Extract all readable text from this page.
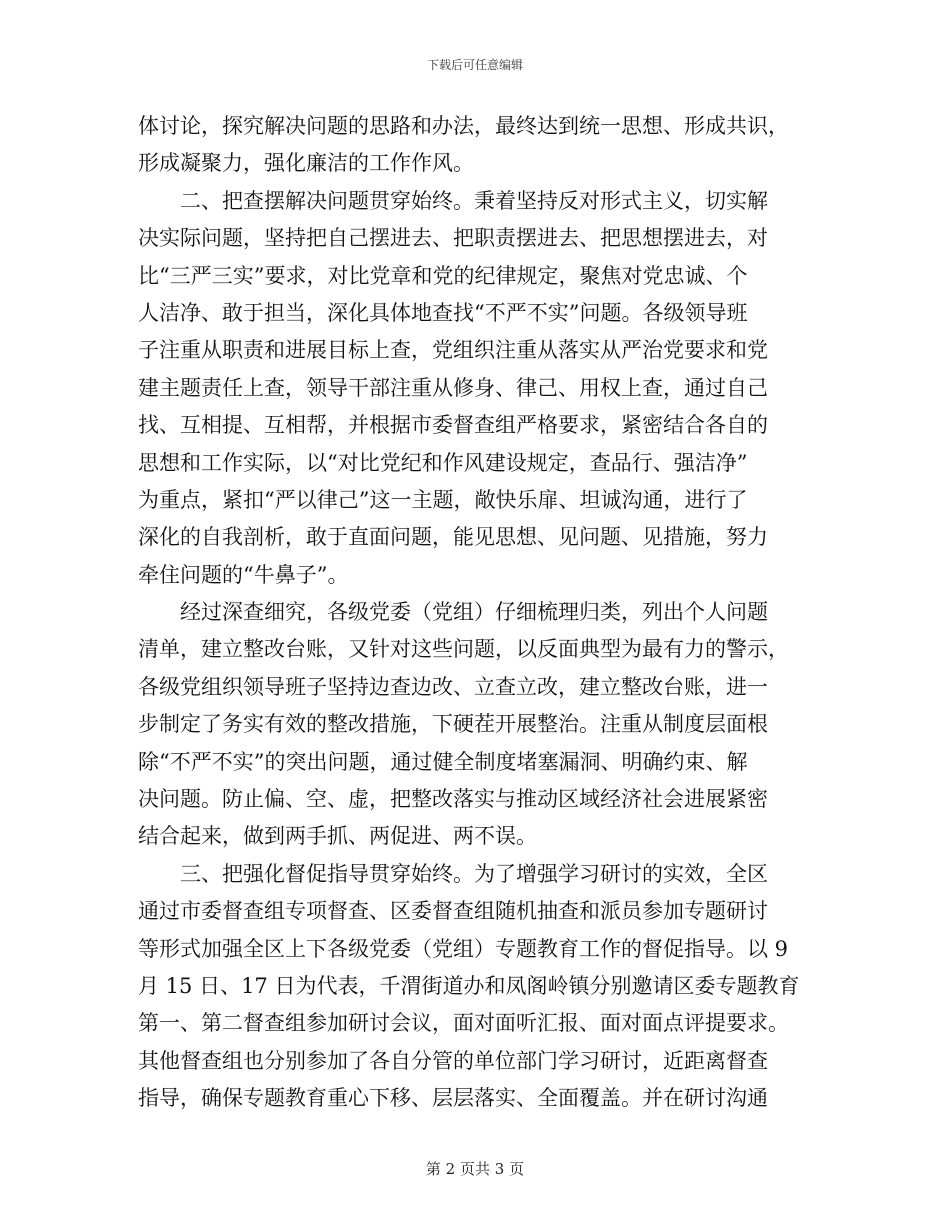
下载后可任意编辑
体讨论，探究解决问题的思路和办法，最终达到统一思想、形成共识，
形成凝聚力，强化廉洁的工作作风。
二、把查摆解决问题贯穿始终。秉着坚持反对形式主义，切实解
决实际问题，坚持把自己摆进去、把职责摆进去、把思想摆进去，对
比“三严三实”要求，对比党章和党的纪律规定，聚焦对党忠诚、个
人洁净、敢于担当，深化具体地查找“不严不实”问题。各级领导班
子注重从职责和进展目标上查，党组织注重从落实从严治党要求和党
建主题责任上查，领导干部注重从修身、律己、用权上查，通过自己
找、互相提、互相帮，并根据市委督查组严格要求，紧密结合各自的
思想和工作实际，以“对比党纪和作风建设规定，查品行、强洁净”
为重点，紧扣“严以律己”这一主题，敞快乐扉、坦诚沟通，进行了
深化的自我剖析，敢于直面问题，能见思想、见问题、见措施，努力
牵住问题的“牛鼻子”。
经过深查细究，各级党委（党组）仔细梳理归类，列出个人问题
清单，建立整改台账，又针对这些问题，以反面典型为最有力的警示，
各级党组织领导班子坚持边查边改、立查立改，建立整改台账，进一
步制定了务实有效的整改措施，下硬茬开展整治。注重从制度层面根
除“不严不实”的突出问题，通过健全制度堵塞漏洞、明确约束、解
决问题。防止偏、空、虚，把整改落实与推动区域经济社会进展紧密
结合起来，做到两手抓、两促进、两不误。
三、把强化督促指导贯穿始终。为了增强学习研讨的实效，全区
通过市委督查组专项督查、区委督查组随机抽查和派员参加专题研讨
等形式加强全区上下各级党委（党组）专题教育工作的督促指导。以 9
月 15 日、17 日为代表，千渭街道办和凤阁岭镇分别邀请区委专题教育
第一、第二督查组参加研讨会议，面对面听汇报、面对面点评提要求。
其他督查组也分别参加了各自分管的单位部门学习研讨，近距离督查
指导，确保专题教育重心下移、层层落实、全面覆盖。并在研讨沟通
第 2 页共 3 页
